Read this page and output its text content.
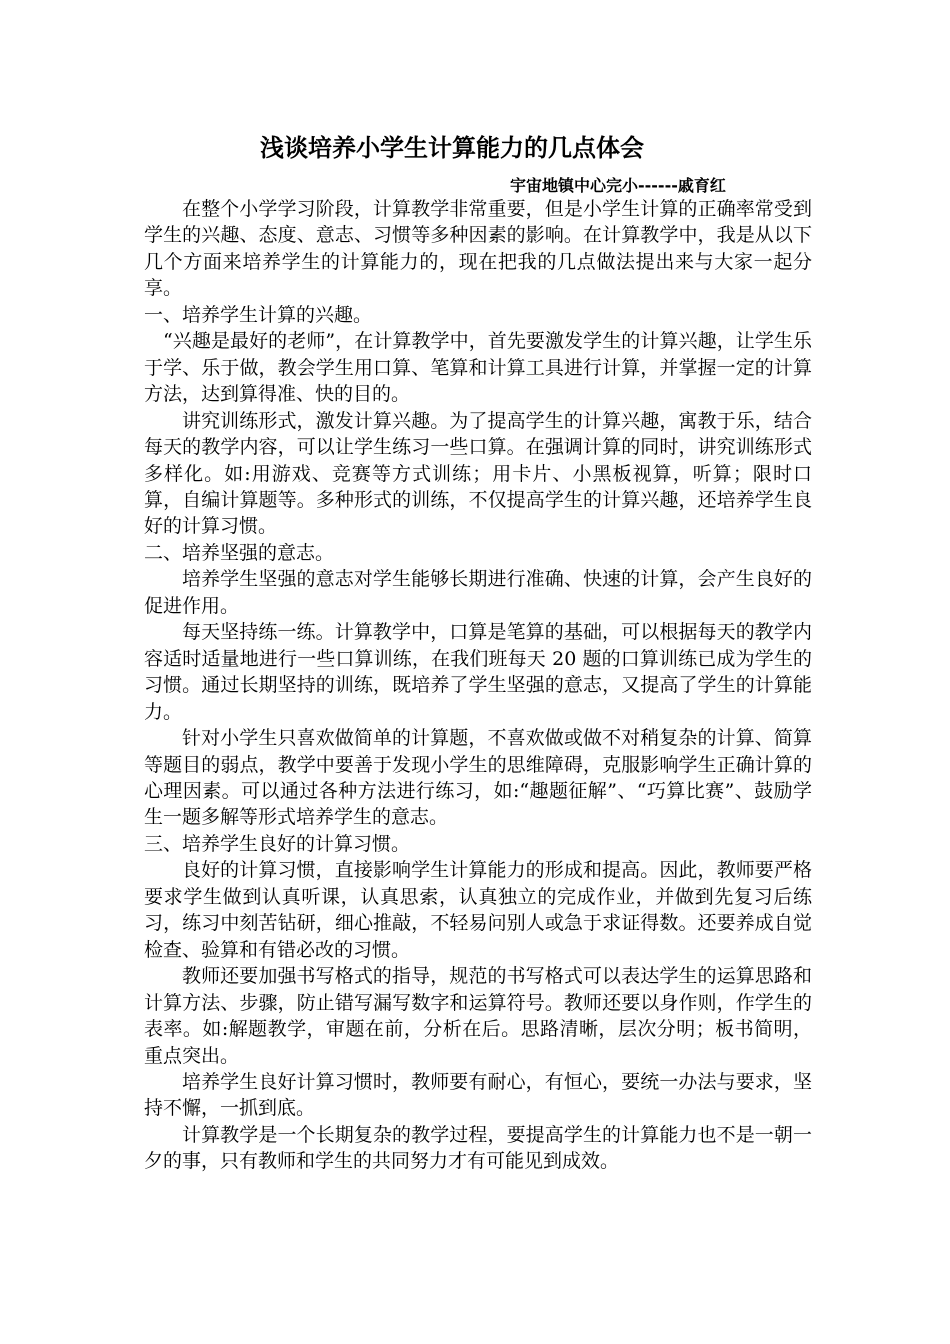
浅谈培养小学生计算能力的几点体会
宇宙地镇中心完小------戚育红

在整个小学学习阶段，计算教学非常重要，但是小学生计算的正确率常受到学生的兴趣、态度、意志、习惯等多种因素的影响。在计算教学中，我是从以下几个方面来培养学生的计算能力的，现在把我的几点做法提出来与大家一起分享。

一、培养学生计算的兴趣。

“兴趣是最好的老师”，在计算教学中，首先要激发学生的计算兴趣，让学生乐于学、乐于做，教会学生用口算、笔算和计算工具进行计算，并掌握一定的计算方法，达到算得准、快的目的。

讲究训练形式，激发计算兴趣。为了提高学生的计算兴趣，寓教于乐，结合每天的教学内容，可以让学生练习一些口算。在强调计算的同时，讲究训练形式多样化。如:用游戏、竞赛等方式训练；用卡片、小黑板视算，听算；限时口算，自编计算题等。多种形式的训练，不仅提高学生的计算兴趣，还培养学生良好的计算习惯。

二、培养坚强的意志。

培养学生坚强的意志对学生能够长期进行准确、快速的计算，会产生良好的促进作用。

每天坚持练一练。计算教学中，口算是笔算的基础，可以根据每天的教学内容适时适量地进行一些口算训练，在我们班每天 20 题的口算训练已成为学生的习惯。通过长期坚持的训练，既培养了学生坚强的意志，又提高了学生的计算能力。

针对小学生只喜欢做简单的计算题，不喜欢做或做不对稍复杂的计算、简算等题目的弱点，教学中要善于发现小学生的思维障碍，克服影响学生正确计算的心理因素。可以通过各种方法进行练习，如:“趣题征解”、“巧算比赛”、鼓励学生一题多解等形式培养学生的意志。

三、培养学生良好的计算习惯。

良好的计算习惯，直接影响学生计算能力的形成和提高。因此，教师要严格要求学生做到认真听课，认真思索，认真独立的完成作业，并做到先复习后练习，练习中刻苦钻研，细心推敲，不轻易问别人或急于求证得数。还要养成自觉检查、验算和有错必改的习惯。

教师还要加强书写格式的指导，规范的书写格式可以表达学生的运算思路和计算方法、步骤，防止错写漏写数字和运算符号。教师还要以身作则，作学生的表率。如:解题教学，审题在前，分析在后。思路清晰，层次分明；板书简明，重点突出。

培养学生良好计算习惯时，教师要有耐心，有恒心，要统一办法与要求，坚持不懈，一抓到底。

计算教学是一个长期复杂的教学过程，要提高学生的计算能力也不是一朝一夕的事，只有教师和学生的共同努力才有可能见到成效。
